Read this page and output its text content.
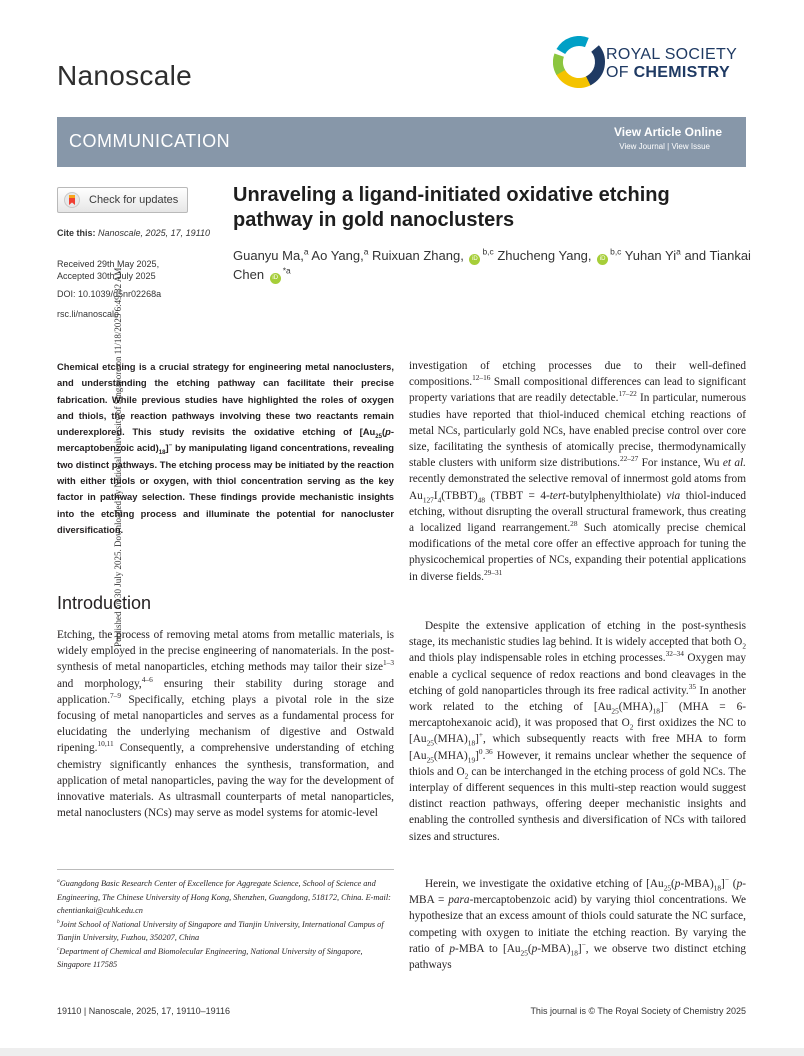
Published on 30 July 2025. Downloaded by National University of Singapore on 11/18/2025 6:49:32 AM.
Nanoscale
ROYAL SOCIETY
OF CHEMISTRY
COMMUNICATION	View Article Online
View Journal | View Issue
Check for updates
Cite this: Nanoscale, 2025, 17, 19110
Received 29th May 2025,
Accepted 30th July 2025
DOI: 10.1039/d5nr02268a
rsc.li/nanoscale
Unraveling a ligand-initiated oxidative etching pathway in gold nanoclusters
Guanyu Ma,$^a$ Ao Yang,$^a$ Ruixuan Zhang, iD$^{b,c}$ Zhucheng Yang, iD$^{b,c}$ Yuhan Yi$^a$ and Tiankai Chen $iD^{*a}$
Chemical etching is a crucial strategy for engineering metal nanoclusters, and understanding the etching pathway can facilitate their precise fabrication. While previous studies have highlighted the roles of oxygen and thiols, the reaction pathways involving these two reactants remain underexplored. This study revisits the oxidative etching of [$Au_{25}(p$-mercaptobenzoic $acid)_{18}]^-$ by manipulating ligand concentrations, revealing two distinct pathways. The etching process may be initiated by the reaction with either thiols or oxygen, with thiol concentration serving as the key factor in pathway selection. These findings provide mechanistic insights into the etching process and illuminate the potential for nanocluster diversification.
Introduction

Etching, the process of removing metal atoms from metallic materials, is widely employed in the precise engineering of nanomaterials. In the post-synthesis of metal nanoparticles, etching methods may tailor their size$^{1-3}$ and morphology,$^{4-6}$ ensuring their stability during storage and application.$^{7-9}$ Specifically, etching plays a pivotal role in the size focusing of metal nanoparticles and serves as a fundamental process for elucidating the underlying mechanism of digestive and Ostwald ripening.$^{10,11}$ Consequently, a comprehensive understanding of etching chemistry significantly enhances the synthesis, transformation, and application of metal nanoparticles, paving the way for the development of innovative materials. As ultrasmall counterparts of metal nanoparticles, metal nanoclusters (NCs) may serve as model systems for atomic-level

$^a$Guangdong Basic Research Center of Excellence for Aggregate Science, School of Science and Engineering, The Chinese University of Hong Kong, Shenzhen, Guangdong, 518172, China. E-mail: chentiankai@cuhk.edu.cn
$^b$Joint School of National University of Singapore and Tianjin University, International Campus of Tianjin University, Fuzhou, 350207, China
$^c$Department of Chemical and Biomolecular Engineering, National University of Singapore, Singapore 117585

investigation of etching processes due to their well-defined compositions.$^{12-16}$ Small compositional differences can lead to significant property variations that are readily detectable.$^{17-22}$ In particular, numerous studies have reported that thiol-induced chemical etching reactions of metal NCs, particularly gold NCs, have enabled precise control over core size, facilitating the synthesis of atomically precise, thermodynamically stable clusters with uniform size distributions.$^{22-27}$ For instance, Wu et al. recently demonstrated the selective removal of innermost gold atoms from $Au_{127}I_4(TBBT)_{48}$ (TBBT = 4-tert-butylphenylthiolate) via thiol-induced etching, without disrupting the overall structural framework, thus creating a localized ligand rearrangement.$^{28}$ Such atomically precise chemical modifications of the metal core offer an effective approach for tuning the physicochemical properties of NCs, expanding their potential applications in diverse fields.$^{29-31}$

Despite the extensive application of etching in the post-synthesis stage, its mechanistic studies lag behind. It is widely accepted that both $O_2$ and thiols play indispensable roles in etching processes.$^{32-34}$ Oxygen may enable a cyclical sequence of redox reactions and bond cleavages in the etching of gold nanoparticles through its free radical activity.$^{35}$ In another work related to the etching of $[Au_{25}(MHA)_{18}]^-$ (MHA = 6-mercaptohexanoic acid), it was proposed that $O_2$ first oxidizes the NC to $[Au_{25}(MHA)_{18}]^+$, which subsequently reacts with free MHA to form $[Au_{25}(MHA)_{19}]^0.^{36}$ However, it remains unclear whether the sequence of thiols and $O_2$ can be interchanged in the etching process of gold NCs. The interplay of different sequences in this multi-step reaction would suggest distinct reaction pathways, offering deeper mechanistic insights and enabling the controlled synthesis and diversification of NCs with tailored sizes and structures.

Herein, we investigate the oxidative etching of $[Au_{25}(p-MBA)_{18}]^-$ (p-MBA = para-mercaptobenzoic acid) by varying thiol concentrations. We hypothesize that an excess amount of thiols could saturate the NC surface, competing with oxygen to initiate the etching reaction. By varying the ratio of p-MBA to $[Au_{25}(p-MBA)_{18}]^-$, we observe two distinct etching pathways

19110 | Nanoscale, 2025, 17, 19110–19116	This journal is © The Royal Society of Chemistry 2025
